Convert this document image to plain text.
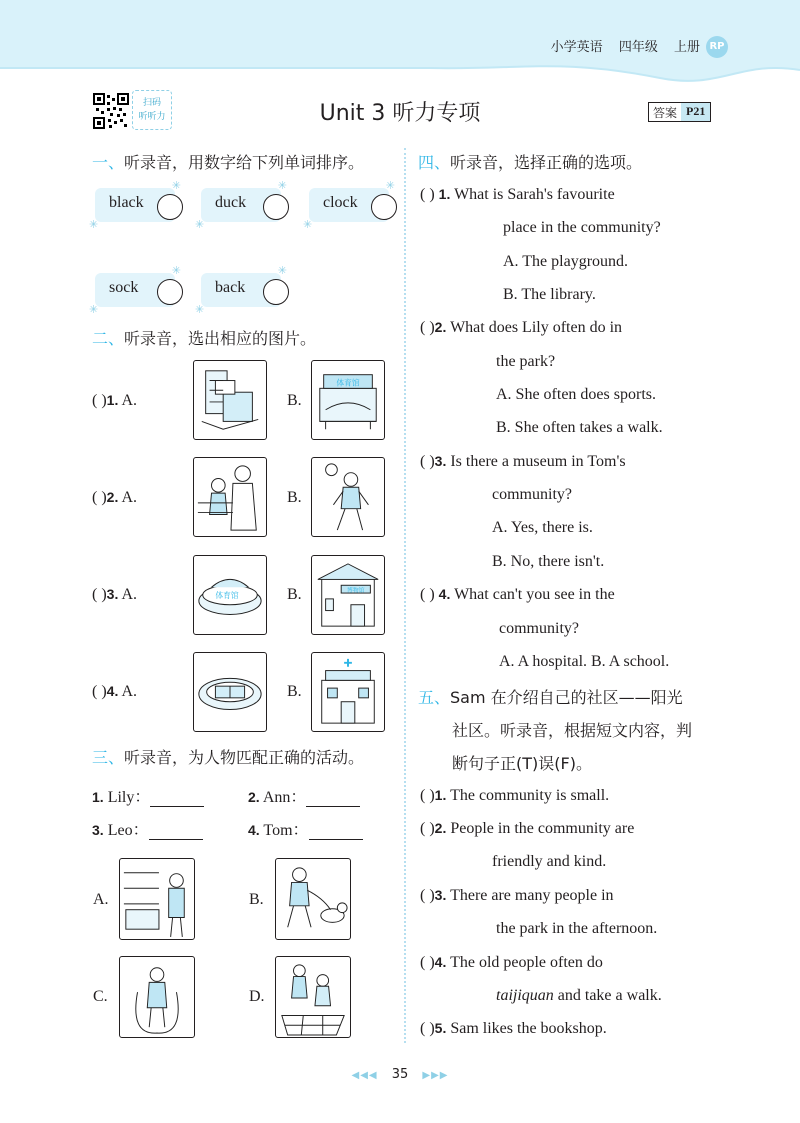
小学英语 四年级 上册 RP
扫码
听听力	Unit 3 听力专项	答案 P21
一、听录音，用数字给下列单词排序。
✳ black
✳	✳ duck
✳	✳ clock
✳
✳ sock
✳	✳ back
✳
二、听录音，选出相应的图片。
( )1. A.	B.
体育馆
( )2. A.	B.
( )3. A.	体育馆	B.	博物馆
( )4. A.	B.
三、听录音，为人物匹配正确的活动。
1. Lily：	2. Ann：
3. Leo：	4. Tom：
A.	B.
C.	D.
四、听录音，选择正确的选项。
( ) 1. What is Sarah's favourite
place in the community?
A. The playground.
B. The library.
( )2. What does Lily often do in
the park?
A. She often does sports.
B. She often takes a walk.
( )3. Is there a museum in Tom's
community?
A. Yes, there is.
B. No, there isn't.
( ) 4. What can't you see in the
community?
A. A hospital. B. A school.
五、Sam 在介绍自己的社区——阳光
社区。听录音，根据短文内容，判
断句子正(T)误(F)。
( )1. The community is small.
( )2. People in the community are
friendly and kind.
( )3. There are many people in
the park in the afternoon.
( )4. The old people often do
taijiquan and take a walk.
( )5. Sam likes the bookshop.
◀◀◀ 35 ▶▶▶
